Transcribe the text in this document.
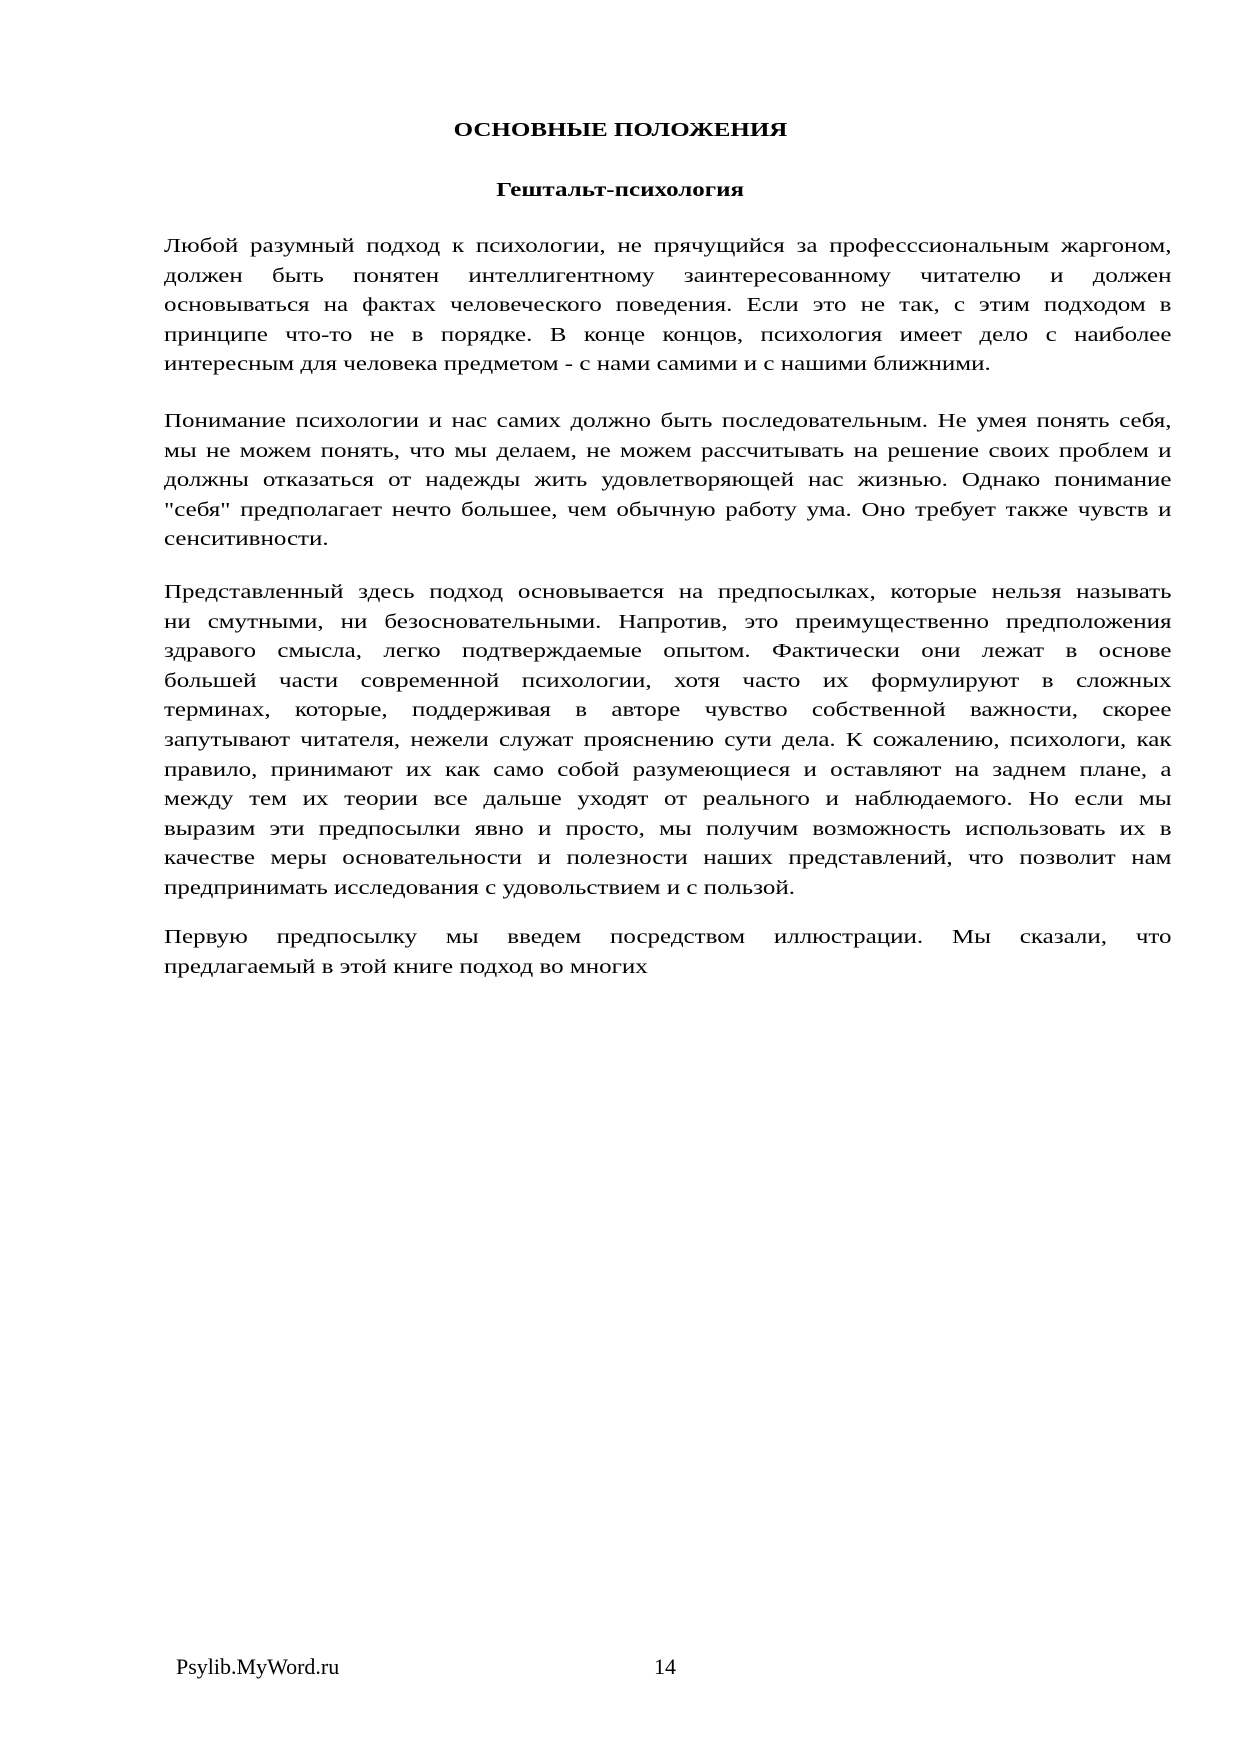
ОСНОВНЫЕ ПОЛОЖЕНИЯ
Гештальт-психология
Любой разумный подход к психологии, не прячущийся за професссиональным жаргоном,
должен быть понятен интеллигентному заинтересованному читателю и должен
основываться на фактах человеческого поведения. Если это не так, с этим подходом в
принципе что-то не в порядке. В конце концов, психология имеет дело с наиболее
интересным для человека предметом - с нами самими и с нашими ближними.
Понимание психологии и нас самих должно быть последовательным. Не умея понять себя,
мы не можем понять, что мы делаем, не можем рассчитывать на решение своих проблем и
должны отказаться от надежды жить удовлетворяющей нас жизнью. Однако понимание
"себя" предполагает нечто большее, чем обычную работу ума. Оно требует также чувств и
сенситивности.
Представленный здесь подход основывается на предпосылках, которые нельзя называть
ни смутными, ни безосновательными. Напротив, это преимущественно предположения
здравого смысла, легко подтверждаемые опытом. Фактически они лежат в основе
большей части современной психологии, хотя часто их формулируют в сложных
терминах, которые, поддерживая в авторе чувство собственной важности, скорее
запутывают читателя, нежели служат прояснению сути дела. К сожалению, психологи, как
правило, принимают их как само собой разумеющиеся и оставляют на заднем плане, а
между тем их теории все дальше уходят от реального и наблюдаемого. Но если мы
выразим эти предпосылки явно и просто, мы получим возможность использовать их в
качестве меры основательности и полезности наших представлений, что позволит нам
предпринимать исследования с удовольствием и с пользой.
Первую предпосылку мы введем посредством иллюстрации. Мы сказали, что
предлагаемый в этой книге подход во многих
Psylib.MyWord.ru	14
